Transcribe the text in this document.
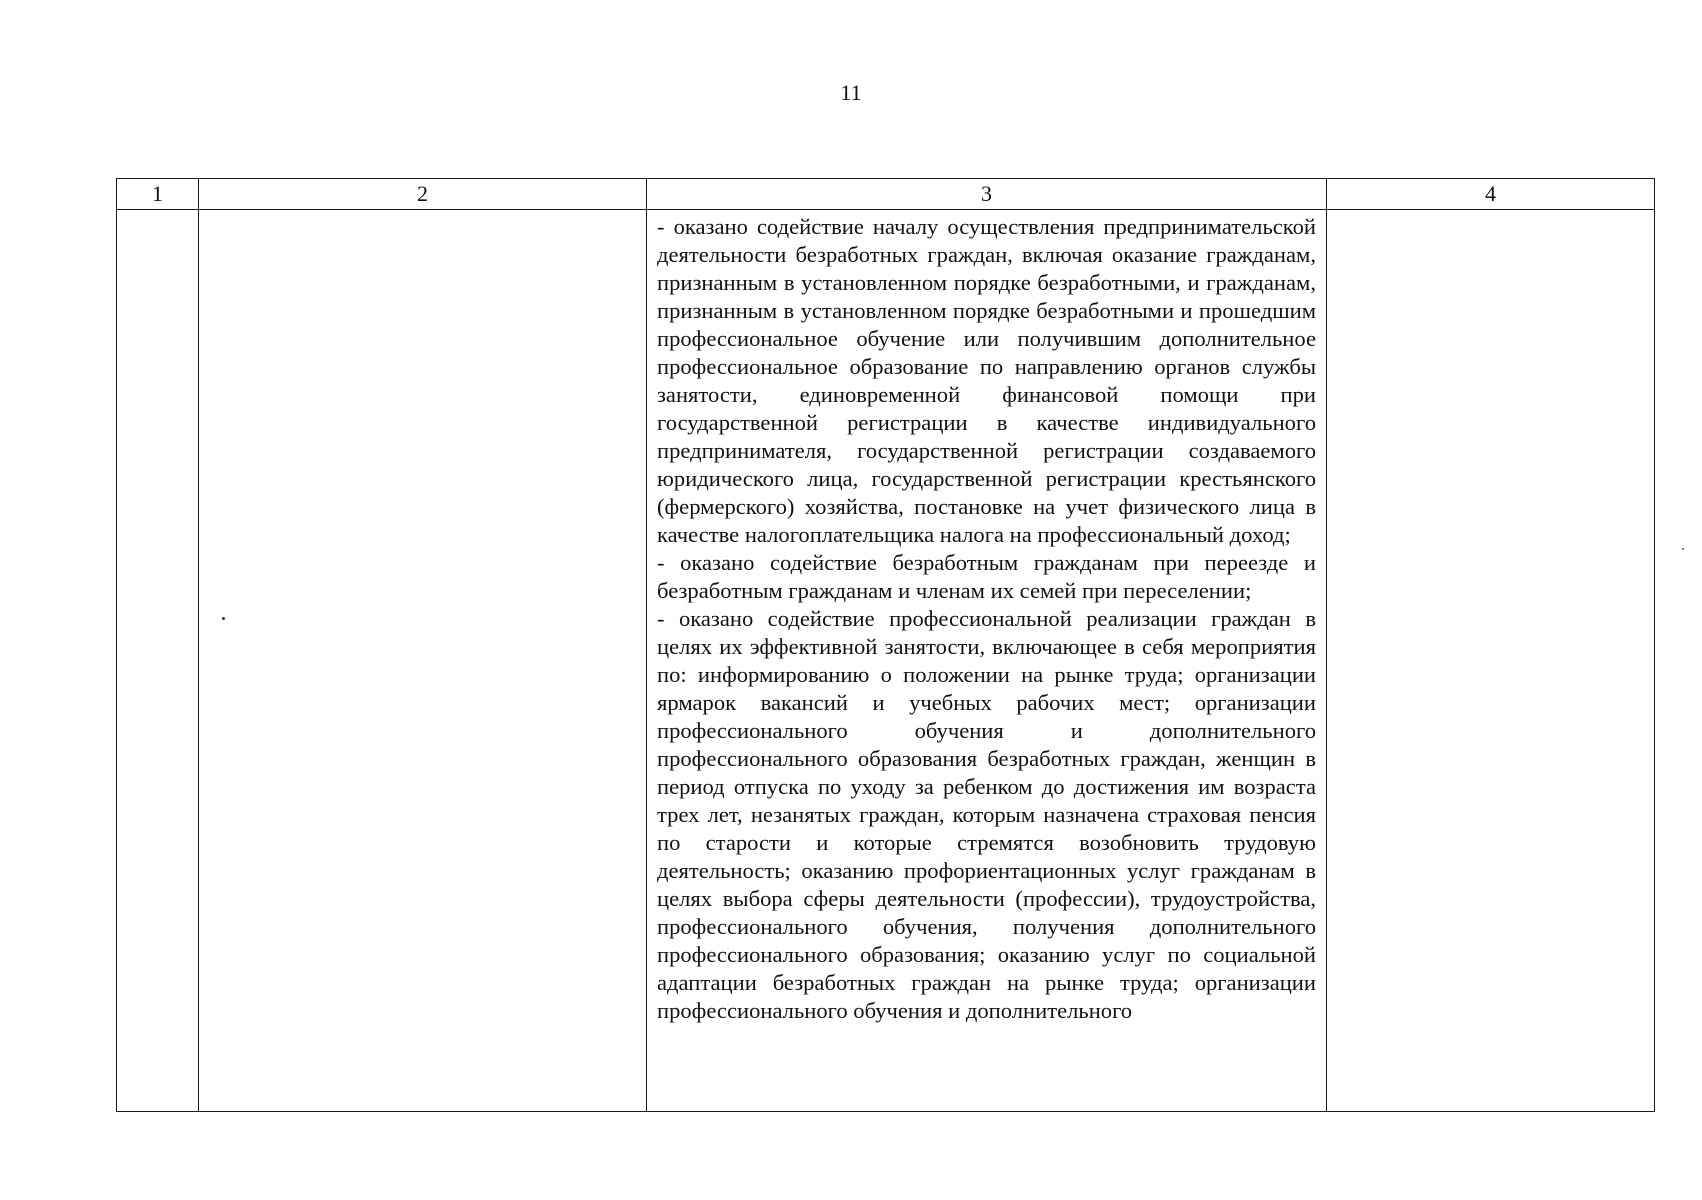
11
1	2	3	4

		- оказано содействие началу осуществления предпринимательской деятельности безработных граждан, включая оказание гражданам, признанным в установленном порядке безработными, и гражданам, признанным в установленном порядке безработными и прошедшим профессиональное обучение или получившим дополнительное профессиональное образование по направлению органов службы занятости, единовременной финансовой помощи при государственной регистрации в качестве индивидуального предпринимателя, государственной регистрации создаваемого юридического лица, государственной регистрации крестьянского (фермерского) хозяйства, постановке на учет физического лица в качестве налогоплательщика налога на профессиональный доход;

- оказано содействие безработным гражданам при переезде и безработным гражданам и членам их семей при переселении;

- оказано содействие профессиональной реализации граждан в целях их эффективной занятости, включающее в себя мероприятия по: информированию о положении на рынке труда; организации ярмарок вакансий и учебных рабочих мест; организации профессионального обучения и дополнительного профессионального образования безработных граждан, женщин в период отпуска по уходу за ребенком до достижения им возраста трех лет, незанятых граждан, которым назначена страховая пенсия по старости и которые стремятся возобновить трудовую деятельность; оказанию профориентационных услуг гражданам в целях выбора сферы деятельности (профессии), трудоустройства, профессионального обучения, получения дополнительного профессионального образования; оказанию услуг по социальной адаптации безработных граждан на рынке труда; организации профессионального обучения и дополнительного	
